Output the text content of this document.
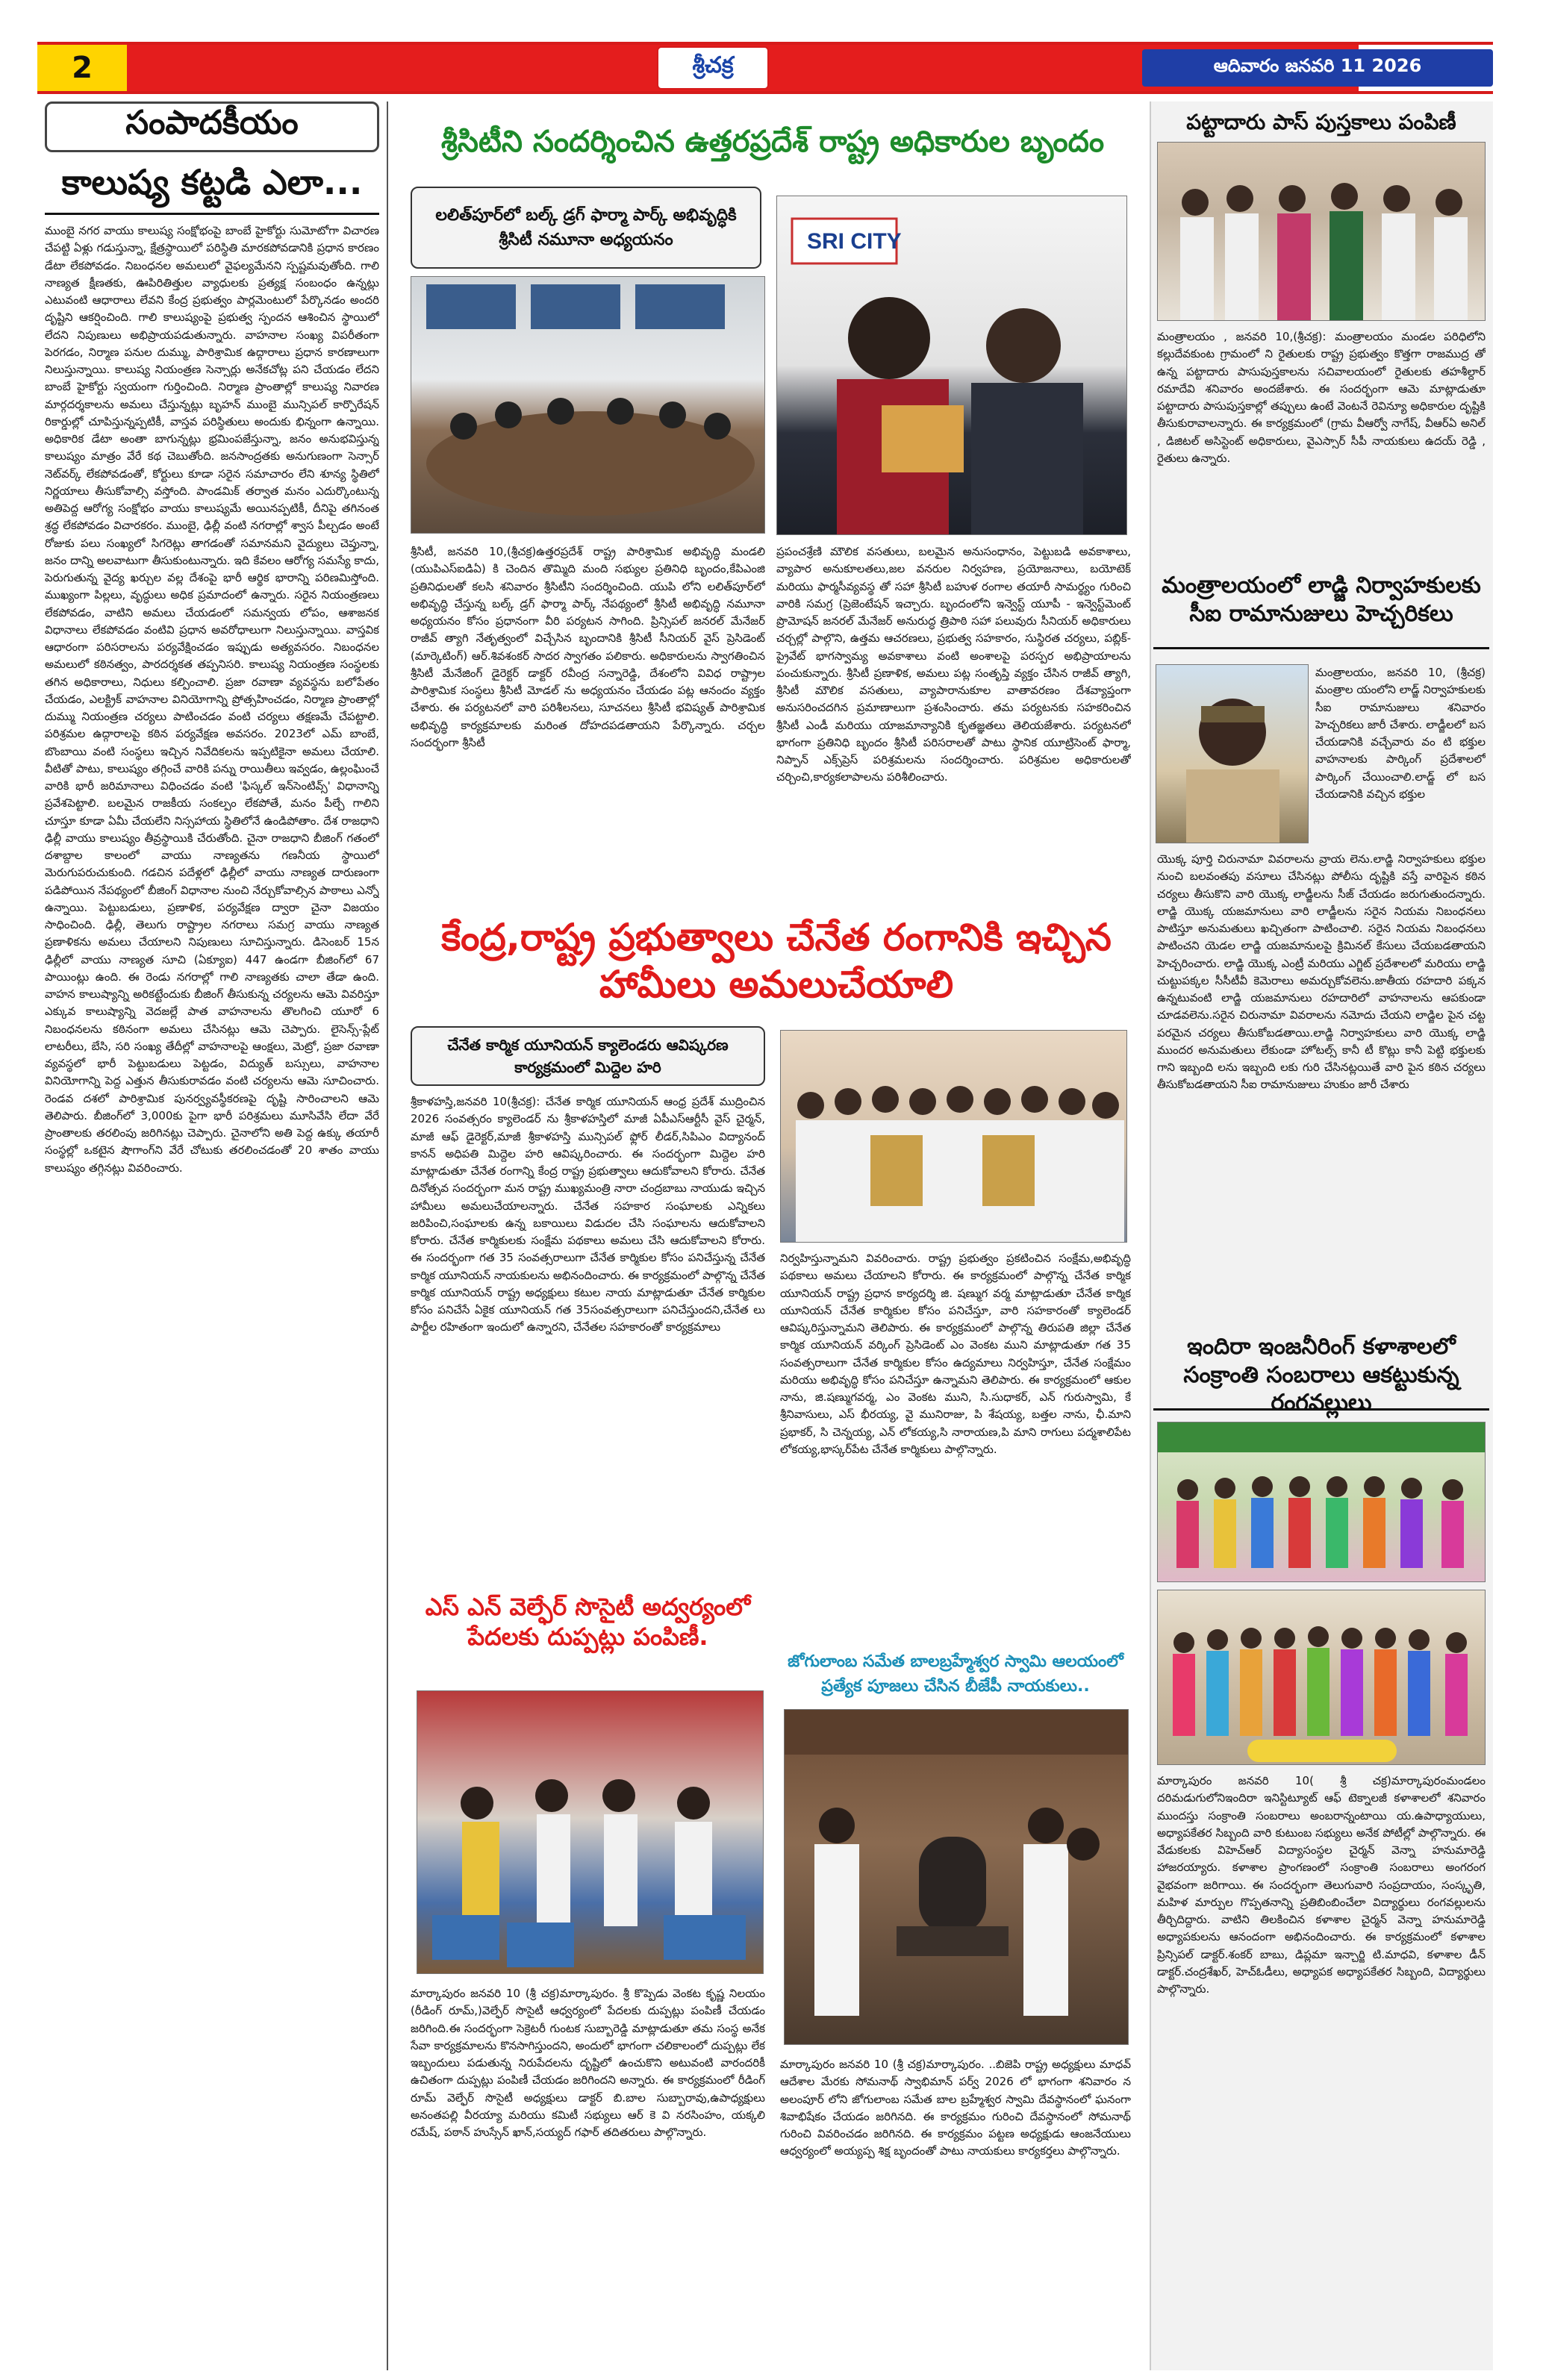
2	శ్రీచక్ర	ఆదివారం జనవరి 11 2026
సంపాదకీయం
కాలుష్య కట్టడి ఎలా...
ముంబై నగర వాయు కాలుష్య సంక్షోభంపై బాంబే హైకోర్టు సుమోటోగా విచారణ చేపట్టి ఏళ్లు గడుస్తున్నా, క్షేత్రస్థాయిలో పరిస్థితి మారకపోవడానికి ప్రధాన కారణం డేటా లేకపోవడం. నిబంధనల అమలులో వైఫల్యమేనని స్పష్టమవుతోంది. గాలి నాణ్యత క్షీణతకు, ఊపిరితిత్తుల వ్యాధులకు ప్రత్యక్ష సంబంధం ఉన్నట్లు ఎటువంటి ఆధారాలు లేవని కేంద్ర ప్రభుత్వం పార్లమెంటులో పేర్కొనడం అందరి దృష్టిని ఆకర్షించింది. గాలి కాలుష్యంపై ప్రభుత్వ స్పందన ఆశించిన స్థాయిలో లేదని నిపుణులు అభిప్రాయపడుతున్నారు. వాహనాల సంఖ్య విపరీతంగా పెరగడం, నిర్మాణ పనుల దుమ్ము, పారిశ్రామిక ఉద్గారాలు ప్రధాన కారణాలుగా నిలుస్తున్నాయి. కాలుష్య నియంత్రణ సెన్సార్లు అనేకచోట్ల పని చేయడం లేదని బాంబే హైకోర్టు స్వయంగా గుర్తించింది. నిర్మాణ ప్రాంతాల్లో కాలుష్య నివారణ మార్గదర్శకాలను అమలు చేస్తున్నట్లు బృహన్ ముంబై మున్సిపల్ కార్పొరేషన్ రికార్డుల్లో చూపిస్తున్నప్పటికీ, వాస్తవ పరిస్థితులు అందుకు భిన్నంగా ఉన్నాయి. అధికారిక డేటా అంతా బాగున్నట్లు భ్రమింపజేస్తున్నా, జనం అనుభవిస్తున్న కాలుష్యం మాత్రం వేరే కథ చెబుతోంది. జనసాంద్రతకు అనుగుణంగా సెన్సార్ నెట్‌వర్క్ లేకపోవడంతో, కోర్టులు కూడా సరైన సమాచారం లేని శూన్య స్థితిలో నిర్ణయాలు తీసుకోవాల్సి వస్తోంది. పాండమిక్ తర్వాత మనం ఎదుర్కొంటున్న అతిపెద్ద ఆరోగ్య సంక్షోభం వాయు కాలుష్యమే అయినప్పటికీ, దీనిపై తగినంత శ్రద్ధ లేకపోవడం విచారకరం. ముంబై, ఢిల్లీ వంటి నగరాల్లో శ్వాస పీల్చడం అంటే రోజుకు పలు సంఖ్యలో సిగరెట్లు తాగడంతో సమానమని వైద్యులు చెప్తున్నా, జనం దాన్ని అలవాటుగా తీసుకుంటున్నారు. ఇది కేవలం ఆరోగ్య సమస్యే కాదు, పెరుగుతున్న వైద్య ఖర్చుల వల్ల దేశంపై భారీ ఆర్థిక భారాన్ని పరిణమిస్తోంది. ముఖ్యంగా పిల్లలు, వృద్ధులు అధిక ప్రమాదంలో ఉన్నారు. సరైన నియంత్రణలు లేకపోవడం, వాటిని అమలు చేయడంలో సమన్వయ లోపం, ఆశాజనక విధానాలు లేకపోవడం వంటివి ప్రధాన అవరోధాలుగా నిలుస్తున్నాయి. వాస్తవిక ఆధారంగా పరిసరాలను పర్యవేక్షించడం ఇప్పుడు అత్యవసరం. నిబంధనల అమలులో కఠినత్వం, పారదర్శకత తప్పనిసరి. కాలుష్య నియంత్రణ సంస్థలకు తగిన అధికారాలు, నిధులు కల్పించాలి. ప్రజా రవాణా వ్యవస్థను బలోపేతం చేయడం, ఎలక్ట్రిక్ వాహనాల వినియోగాన్ని ప్రోత్సహించడం, నిర్మాణ ప్రాంతాల్లో దుమ్ము నియంత్రణ చర్యలు పాటించడం వంటి చర్యలు తక్షణమే చేపట్టాలి. పరిశ్రమల ఉద్గారాలపై కఠిన పర్యవేక్షణ అవసరం. 2023లో ఎమ్ బాంబే, బొంబాయి వంటి సంస్థలు ఇచ్చిన నివేదికలను ఇప్పటికైనా అమలు చేయాలి. వీటితో పాటు, కాలుష్యం తగ్గించే వారికి పన్ను రాయితీలు ఇవ్వడం, ఉల్లంఘించే వారికి భారీ జరిమానాలు విధించడం వంటి 'ఫిస్కల్ ఇన్‌సెంటివ్స్' విధానాన్ని ప్రవేశపెట్టాలి. బలమైన రాజకీయ సంకల్పం లేకపోతే, మనం పీల్చే గాలిని చూస్తూ కూడా ఏమీ చేయలేని నిస్సహాయ స్థితిలోనే ఉండిపోతాం. దేశ రాజధాని ఢిల్లీ వాయు కాలుష్యం తీవ్రస్థాయికి చేరుతోంది. చైనా రాజధాని బీజింగ్ గతంలో దశాబ్దాల కాలంలో వాయు నాణ్యతను గణనీయ స్థాయిలో మెరుగుపరుచుకుంది. గడచిన పదేళ్లలో ఢిల్లీలో వాయు నాణ్యత దారుణంగా పడిపోయిన నేపథ్యంలో బీజింగ్ విధానాల నుంచి నేర్చుకోవాల్సిన పాఠాలు ఎన్నో ఉన్నాయి. పెట్టుబడులు, ప్రణాళిక, పర్యవేక్షణ ద్వారా చైనా విజయం సాధించింది. ఢిల్లీ, తెలుగు రాష్ట్రాల నగరాలు సమగ్ర వాయు నాణ్యత ప్రణాళికను అమలు చేయాలని నిపుణులు సూచిస్తున్నారు. డిసెంబర్ 15న ఢిల్లీలో వాయు నాణ్యత సూచి (ఏక్యూఐ) 447 ఉండగా బీజింగ్‌లో 67 పాయింట్లు ఉంది. ఈ రెండు నగరాల్లో గాలి నాణ్యతకు చాలా తేడా ఉంది. వాహన కాలుష్యాన్ని అరికట్టేందుకు బీజింగ్ తీసుకున్న చర్యలను ఆమె వివరిస్తూ ఎక్కువ కాలుష్యాన్ని వెదజల్లే పాత వాహనాలను తొలగించి యూరో 6 నిబంధనలను కఠినంగా అమలు చేసినట్లు ఆమె చెప్పారు. లైసెన్స్-ప్లేట్ లాటరీలు, బేసి, సరి సంఖ్య తేదీల్లో వాహనాలపై ఆంక్షలు, మెట్రో, ప్రజా రవాణా వ్యవస్థలో భారీ పెట్టుబడులు పెట్టడం, విద్యుత్ బస్సులు, వాహనాల వినియోగాన్ని పెద్ద ఎత్తున తీసుకురావడం వంటి చర్యలను ఆమె సూచించారు. రెండవ దశలో పారిశ్రామిక పునర్వ్యవస్థీకరణపై దృష్టి సారించాలని ఆమె తెలిపారు. బీజింగ్‌లో 3,000కు పైగా భారీ పరిశ్రమలు మూసివేసి లేదా వేరే ప్రాంతాలకు తరలింపు జరిగినట్లు చెప్పారు. చైనాలోని అతి పెద్ద ఉక్కు తయారీ సంస్థల్లో ఒకటైన షౌగాంగ్‌ని వేరే చోటుకు తరలించడంతో 20 శాతం వాయు కాలుష్యం తగ్గినట్లు వివరించారు.
శ్రీసిటీని సందర్శించిన ఉత్తరప్రదేశ్ రాష్ట్ర అధికారుల బృందం
లలిత్‌పూర్‌లో బల్క్ డ్రగ్ ఫార్మా పార్క్ అభివృద్ధికి శ్రీసిటీ నమూనా అధ్యయనం	SRI CITY
శ్రీసిటీ, జనవరి 10,(శ్రీచక్ర)ఉత్తరప్రదేశ్ రాష్ట్ర పారిశ్రామిక అభివృద్ధి మండలి (యుపిఎస్ఐడిఏ) కి చెందిన తొమ్మిది మంది సభ్యుల ప్రతినిధి బృందం,కేపిఎంజి ప్రతినిధులతో కలసి శనివారం శ్రీసిటీని సందర్శించింది. యుపి లోని లలిత్‌పూర్‌లో అభివృద్ధి చేస్తున్న బల్క్ డ్రగ్ ఫార్మా పార్క్ నేపథ్యంలో శ్రీసిటీ అభివృద్ధి నమూనా అధ్యయనం కోసం ప్రధానంగా వీరి పర్యటన సాగింది. ప్రిన్సిపల్ జనరల్ మేనేజర్ రాజీవ్ త్యాగి నేతృత్వంలో విచ్చేసిన బృందానికి శ్రీసిటీ సీనియర్ వైస్ ప్రెసిడెంట్ (మార్కెటింగ్) ఆర్.శివశంకర్ సాదర స్వాగతం పలికారు. అధికారులను స్వాగతించిన శ్రీసిటీ మేనేజింగ్ డైరెక్టర్ డాక్టర్ రవీంద్ర సన్నారెడ్డి, దేశంలోని వివిధ రాష్ట్రాల పారిశ్రామిక సంస్థలు శ్రీసిటీ మోడల్ ను అధ్యయనం చేయడం పట్ల ఆనందం వ్యక్తం చేశారు. ఈ పర్యటనలో వారి పరిశీలనలు, సూచనలు శ్రీసిటీ భవిష్యత్ పారిశ్రామిక అభివృద్ధి కార్యక్రమాలకు మరింత దోహదపడతాయని పేర్కొన్నారు. చర్చల సందర్భంగా శ్రీసిటీ
ప్రపంచశ్రేణి మౌలిక వసతులు, బలమైన అనుసంధానం, పెట్టుబడి అవకాశాలు, వ్యాపార అనుకూలతలు,జల వనరుల నిర్వహణ, ప్రయోజనాలు, బయోటెక్ మరియు ఫార్మసీవ్యవస్థ తో సహా శ్రీసిటీ బహుళ రంగాల తయారీ సామర్థ్యం గురించి వారికి సమగ్ర (ప్రెజెంటేషన్ ఇచ్చారు. బృందంలోని ఇన్వెస్ట్ యూపీ - ఇన్వెస్ట్‌మెంట్ ప్రొమోషన్ జనరల్ మేనేజర్ అనురుద్ధ త్రిపాఠి సహా పలువురు సీనియర్ అధికారులు చర్చల్లో పాల్గొని, ఉత్తమ ఆచరణలు, ప్రభుత్వ సహకారం, సుస్థిరత చర్యలు, పబ్లిక్-ప్రైవేట్ భాగస్వామ్య అవకాశాలు వంటి అంశాలపై పరస్పర అభిప్రాయాలను పంచుకున్నారు. శ్రీసిటీ ప్రణాళిక, అమలు పట్ల సంతృప్తి వ్యక్తం చేసిన రాజీవ్ త్యాగి, శ్రీసిటీ మౌలిక వసతులు, వ్యాపారానుకూల వాతావరణం దేశవ్యాప్తంగా అనుసరించదగిన ప్రమాణాలుగా ప్రశంసించారు. తమ పర్యటనకు సహకరించిన శ్రీసిటీ ఎండీ మరియు యాజమాన్యానికి కృతజ్ఞతలు తెలియజేశారు. పర్యటనలో భాగంగా ప్రతినిధి బృందం శ్రీసిటీ పరిసరాలతో పాటు స్థానిక యూట్రిసెంట్ ఫార్మా, నిప్పాన్ ఎక్స్‌ప్రెస్ పరిశ్రమలను సందర్శించారు. పరిశ్రమల అధికారులతో చర్చించి,కార్యకలాపాలను పరిశీలించారు.
కేంద్ర,రాష్ట్ర ప్రభుత్వాలు చేనేత రంగానికి ఇచ్చిన హామీలు అమలుచేయాలి
చేనేత కార్మిక యూనియన్ క్యాలెండరు ఆవిష్కరణ కార్యక్రమంలో మిద్దెల హరి
శ్రీకాళహస్తి,జనవరి 10(శ్రీచక్ర): చేనేత కార్మిక యూనియన్ ఆంధ్ర ప్రదేశ్ ముద్రించిన 2026 సంవత్సరం క్యాలెండర్ ను శ్రీకాళహస్తిలో మాజీ ఏపీఎస్ఆర్టీసీ వైస్ చైర్మన్, మాజీ ఆఫ్ డైరెక్టర్,మాజీ శ్రీకాళహస్తి మున్సిపల్ ఫ్లోర్ లీడర్,సిపిఎం విద్యానంద్ కానన్ అధిపతి మిద్దెల హరి ఆవిష్కరించారు. ఈ సందర్భంగా మిద్దెల హరి మాట్లాడుతూ చేనేత రంగాన్ని కేంద్ర రాష్ట్ర ప్రభుత్వాలు ఆదుకోవాలని కోరారు. చేనేత దినోత్సవ సందర్భంగా మన రాష్ట్ర ముఖ్యమంత్రి నారా చంద్రబాబు నాయుడు ఇచ్చిన హామీలు అమలుచేయాలన్నారు. చేనేత సహకార సంఘాలకు ఎన్నికలు జరిపించి,సంఘాలకు ఉన్న బకాయిలు విడుదల చేసి సంఘాలను ఆదుకోవాలని కోరారు. చేనేత కార్మికులకు సంక్షేమ పథకాలు అమలు చేసి ఆదుకోవాలని కోరారు. ఈ సందర్భంగా గత 35 సంవత్సరాలుగా చేనేత కార్మికుల కోసం పనిచేస్తున్న చేనేత కార్మిక యూనియన్ నాయకులను అభినందించారు. ఈ కార్యక్రమంలో పాల్గొన్న చేనేత కార్మిక యూనియన్ రాష్ట్ర అధ్యక్షులు కటుల నాయ మాట్లాడుతూ చేనేత కార్మికుల కోసం పనిచేసే ఏకైక యూనియన్ గత 35సంవత్సరాలుగా పనిచేస్తుందని,చేనేత లు పార్టీల రహితంగా ఇందులో ఉన్నారని, చేనేతల సహకారంతో కార్యక్రమాలు
నిర్వహిస్తున్నామని వివరించారు. రాష్ట్ర ప్రభుత్వం ప్రకటించిన సంక్షేమ,అభివృద్ధి పథకాలు అమలు చేయాలని కోరారు. ఈ కార్యక్రమంలో పాల్గొన్న చేనేత కార్మిక యూనియన్ రాష్ట్ర ప్రధాన కార్యదర్శి జి. షణ్ముగ వర్మ మాట్లాడుతూ చేనేత కార్మిక యూనియన్ చేనేత కార్మికుల కోసం పనిచేస్తూ, వారి సహకారంతో క్యాలెండర్ ఆవిష్కరిస్తున్నామని తెలిపారు. ఈ కార్యక్రమంలో పాల్గొన్న తిరుపతి జిల్లా చేనేత కార్మిక యూనియన్ వర్కింగ్ ప్రెసిడెంట్ ఎం వెంకట ముని మాట్లాడుతూ గత 35 సంవత్సరాలుగా చేనేత కార్మికుల కోసం ఉద్యమాలు నిర్వహిస్తూ, చేనేత సంక్షేమం మరియు అభివృద్ధి కోసం పనిచేస్తూ ఉన్నామని తెలిపారు. ఈ కార్యక్రమంలో ఆకుల నాను, జి.షణ్ముగవర్మ, ఎం వెంకట ముని, సి.సుధాకర్, ఎన్ గురుస్వామి, కే శ్రీనివాసులు, ఎస్ భీరయ్య, వై మునిరాజు, పి శేషయ్య, బత్తల నాను, ఛీ.మాని ప్రభాకర్, సి చెన్నయ్య, ఎన్ లోకయ్య,సి నారాయణ,పి మాని రాగులు పద్మశాలిపేట లోకయ్య,భాస్కర్‌పేట చేనేత కార్మికులు పాల్గొన్నారు.
ఎస్ ఎన్ వెల్ఫేర్ సొసైటీ అద్వర్యంలో పేదలకు దుప్పట్లు పంపిణీ.
మార్కాపురం జనవరి 10 (శ్రీ చక్ర)మార్కాపురం. శ్రీ కొప్పెడు వెంకట కృష్ణ నిలయం (రీడింగ్ రూమ్,)వెల్ఫేర్ సొసైటీ ఆధ్వర్యంలో పేదలకు దుప్పట్లు పంపిణీ చేయడం జరిగింది.ఈ సందర్భంగా సెక్రెటరీ గుంటక సుబ్బారెడ్డి మాట్లాడుతూ తమ సంస్థ అనేక సేవా కార్యక్రమాలను కొనసాగిస్తుందని, అందులో భాగంగా చలికాలంలో దుప్పట్లు లేక ఇబ్బందులు పడుతున్న నిరుపేదలను దృష్టిలో ఉంచుకొని అటువంటి వారందరికీ ఉచితంగా దుప్పట్లు పంపిణీ చేయడం జరిగిందని అన్నారు. ఈ కార్యక్రమంలో రీడింగ్ రూమ్ వెల్ఫేర్ సొసైటీ అధ్యక్షులు డాక్టర్ బి.బాల సుబ్బారావు,ఉపాధ్యక్షులు అనంతపల్లి వీరయ్యా మరియు కమిటీ సభ్యులు ఆర్ కె వి నరసింహం, యక్కలి రమేష్, పఠాన్ హుస్సేన్ ఖాన్,సయ్యద్ గఫార్ తదితరులు పాల్గొన్నారు.
జోగులాంబ సమేత బాలబ్రహ్మేశ్వర స్వామి ఆలయంలో ప్రత్యేక పూజలు చేసిన బీజేపీ నాయకులు..
మార్కాపురం జనవరి 10 (శ్రీ చక్ర)మార్కాపురం. ..బిజెపి రాష్ట్ర అధ్యక్షులు మాధవ్ ఆదేశాల మేరకు సోమనాథ్ స్వాభిమాన్ పర్వ్ 2026 లో భాగంగా శనివారం న అలంపూర్ లోని జోగులాంబ సమేత బాల బ్రహ్మేశ్వర స్వామి దేవస్థానంలో ఘనంగా శివాభిషేకం చేయడం జరిగినది. ఈ కార్యక్రమం గురించి దేవస్థానంలో సోమనాథ్ గురించి వివరించడం జరిగినది. ఈ కార్యక్రమం పట్టణ అధ్యక్షుడు ఆంజనేయులు ఆధ్వర్యంలో అయ్యప్ప శిక్ష బృందంతో పాటు నాయకులు కార్యకర్తలు పాల్గొన్నారు.
పట్టాదారు పాస్ పుస్తకాలు పంపిణీ
మంత్రాలయం , జనవరి 10,(శ్రీచక్ర): మంత్రాలయం మండల పరిధిలోని కల్లుదేవకుంట గ్రామంలో ని రైతులకు రాష్ట్ర ప్రభుత్వం కొత్తగా రాజముద్ర తో ఉన్న పట్టాదారు పాసుపుస్తకాలను సచివాలయంలో రైతులకు తహశీల్దార్ రమాదేవి శనివారం అందజేశారు. ఈ సందర్భంగా ఆమె మాట్లాడుతూ పట్టాదారు పాసుపుస్తకాల్లో తప్పులు ఉంటే వెంటనే రెవిన్యూ అధికారుల దృష్టికి తీసుకురావాలన్నారు. ఈ కార్యక్రమంలో (గ్రామ వీఆర్వో నాగేష్, వీఆర్ఏ అనిల్ , డిజిటల్ అసిస్టెంట్ అధికారులు, వైఎస్సార్ సీపీ నాయకులు ఉదయ్ రెడ్డి , రైతులు ఉన్నారు.
మంత్రాలయంలో లాడ్జి నిర్వాహకులకు సీఐ రామానుజులు హెచ్చరికలు
మంత్రాలయం, జనవరి 10, (శ్రీచక్ర) మంత్రాల యంలోని లాడ్జ్ నిర్వాహకులకు సీఐ రామానుజులు శనివారం హెచ్చరికలు జారీ చేశారు. లాడ్జీలలో బస చేయడానికి వచ్చేవారు వం టి భక్తుల వాహనాలకు పార్కింగ్ ప్రదేశాలలో పార్కింగ్ చేయించాలి.లాడ్జ్ లో బస చేయడానికి వచ్చిన భక్తుల
ఇందిరా ఇంజనీరింగ్ కళాశాలలో సంక్రాంతి సంబరాలు ఆకట్టుకున్న రంగవల్లులు
మార్కాపురం జనవరి 10( శ్రీ చక్ర)మార్కాపురంమండలం దరిమడుగులోనిఇందిరా ఇనిస్టిట్యూట్ ఆఫ్ టెక్నాలజీ కళాశాలలో శనివారం ముందస్తు సంక్రాంతి సంబరాలు అంబరాన్నంటాయి య.ఉపాధ్యాయులు, అధ్యాపకేతర సిబ్బంది వారి కుటుంబ సభ్యులు అనేక పోటీల్లో పాల్గొన్నారు. ఈ వేడుకలకు విహెచ్‌ఆర్ విద్యాసంస్థల చైర్మన్ వెన్నా హనుమారెడ్డి హాజరయ్యారు. కళాశాల ప్రాంగణంలో సంక్రాంతి సంబరాలు అంగరంగ వైభవంగా జరిగాయి. ఈ సందర్భంగా తెలుగువారి సంప్రదాయం, సంస్కృతి, మహిళ మార్పుల గొప్పతనాన్ని ప్రతిబింబించేలా విద్యార్థులు రంగవల్లులను తీర్చిదిద్దారు. వాటిని తిలకించిన కళాశాల చైర్మన్ వెన్నా హనుమారెడ్డి అధ్యాపకులను ఆనందంగా అభినందించారు. ఈ కార్యక్రమంలో కళాశాల ప్రిన్సిపల్ డాక్టర్.శంకర్ బాబు, డిప్లమా ఇన్చార్జి టి.మాధవి, కళాశాల డీన్ డాక్టర్.చంద్రశేఖర్, హెచ్‌ఓడీలు, అధ్యాపక అధ్యాపకేతర సిబ్బంది, విద్యార్థులు పాల్గొన్నారు.
యొక్క పూర్తి చిరునామా వివరాలను వ్రాయ లెను.లాడ్జి నిర్వాహకులు భక్తుల నుంచి బలవంతపు వసూలు చేసినట్లు పోలీసు దృష్టికి వస్తే వారిపైన కఠిన చర్యలు తీసుకొని వారి యొక్క లాడ్జీలను సీజ్ చేయడం జరుగుతుందన్నారు. లాడ్జి యొక్క యజమానులు వారి లాడ్జీలను సరైన నియమ నిబంధనలు పాటిస్తూ అనుమతులు ఖచ్చితంగా పాటించాలి. సరైన నియమ నిబంధనలు పాటించని యెడల లాడ్జి యజమానులపై క్రిమినల్ కేసులు చేయబడతాయని హెచ్చరించారు. లాడ్జి యొక్క ఎంట్రీ మరియు ఎగ్జిట్ ప్రదేశాలలో మరియు లాడ్జి చుట్టుపక్కల సీసీటీవీ కెమెరాలు అమర్చుకోవలెను.జాతీయ రహదారి పక్కన ఉన్నటువంటి లాడ్జి యజమానులు రహదారిలో వాహనాలను ఆపకుండా చూడవలెను.సరైన చిరునామా వివరాలను నమోదు చేయని లాడ్జిల పైన చట్ట పరమైన చర్యలు తీసుకోబడతాయి.లాడ్జి నిర్వాహకులు వారి యొక్క లాడ్జి ముందర అనుమతులు లేకుండా హోటల్స్ కానీ టీ కొట్లు కానీ పెట్టి భక్తులకు గాని ఇబ్బంది లను ఇబ్బంది లకు గురి చేసినట్లయితే వారి పైన కఠిన చర్యలు తీసుకోబడతాయని సీఐ రామానుజులు హుకుం జారీ చేశారు
